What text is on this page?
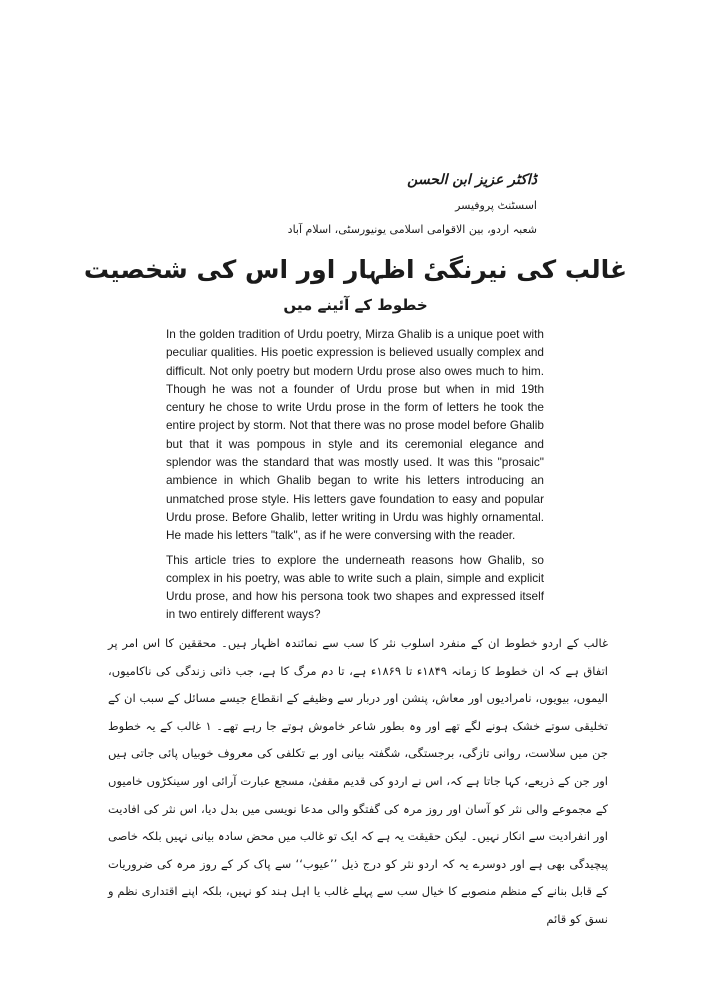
ڈاکٹر عزیز ابن الحسن
اسسٹنٹ پروفیسر
شعبہ اردو، بین الاقوامی اسلامی یونیورسٹی، اسلام آباد
غالب کی نیرنگیٔ اظہار اور اس کی شخصیت
خطوط کے آئینے میں

In the golden tradition of Urdu poetry, Mirza Ghalib is a unique poet with peculiar qualities. His poetic expression is believed usually complex and difficult. Not only poetry but modern Urdu prose also owes much to him. Though he was not a founder of Urdu prose but when in mid 19th century he chose to write Urdu prose in the form of letters he took the entire project by storm. Not that there was no prose model before Ghalib but that it was pompous in style and its ceremonial elegance and splendor was the standard that was mostly used. It was this "prosaic" ambience in which Ghalib began to write his letters introducing an unmatched prose style. His letters gave foundation to easy and popular Urdu prose. Before Ghalib, letter writing in Urdu was highly ornamental. He made his letters "talk", as if he were conversing with the reader.

This article tries to explore the underneath reasons how Ghalib, so complex in his poetry, was able to write such a plain, simple and explicit Urdu prose, and how his persona took two shapes and expressed itself in two entirely different ways?

غالب کے اردو خطوط ان کے منفرد اسلوب نثر کا سب سے نمائندہ اظہار ہیں۔ محققین کا اس امر پر اتفاق ہے کہ ان خطوط کا زمانہ ۱۸۴۹ء تا ۱۸۶۹ء ہے، تا دم مرگ کا ہے، جب ذاتی زندگی کی ناکامیوں، الیموں، بیویوں، نامرادیوں اور معاش، پنشن اور دربار سے وظیفے کے انقطاع جیسے مسائل کے سبب ان کے تخلیقی سوتے خشک ہونے لگے تھے اور وہ بطور شاعر خاموش ہوتے جا رہے تھے۔ ۱ غالب کے یہ خطوط جن میں سلاست، روانی تازگی، برجستگی، شگفتہ بیانی اور بے تکلفی کی معروف خوبیاں پائی جاتی ہیں اور جن کے ذریعے، کہا جاتا ہے کہ، اس نے اردو کی قدیم مقفیٰ، مسجع عبارت آرائی اور سینکڑوں خامیوں کے مجموعے والی نثر کو آسان اور روز مرہ کی گفتگو والی مدعا نویسی میں بدل دیا، اس نثر کی افادیت اور انفرادیت سے انکار نہیں۔ لیکن حقیقت یہ ہے کہ ایک تو غالب میں محض سادہ بیانی نہیں بلکہ خاصی پیچیدگی بھی ہے اور دوسرے یہ کہ اردو نثر کو درج ذیل ’’عیوب‘‘ سے پاک کر کے روز مرہ کی ضروریات کے قابل بنانے کے منظم منصوبے کا خیال سب سے پہلے غالب یا اہل ہند کو نہیں، بلکہ اپنے اقتداری نظم و نسق کو قائم
